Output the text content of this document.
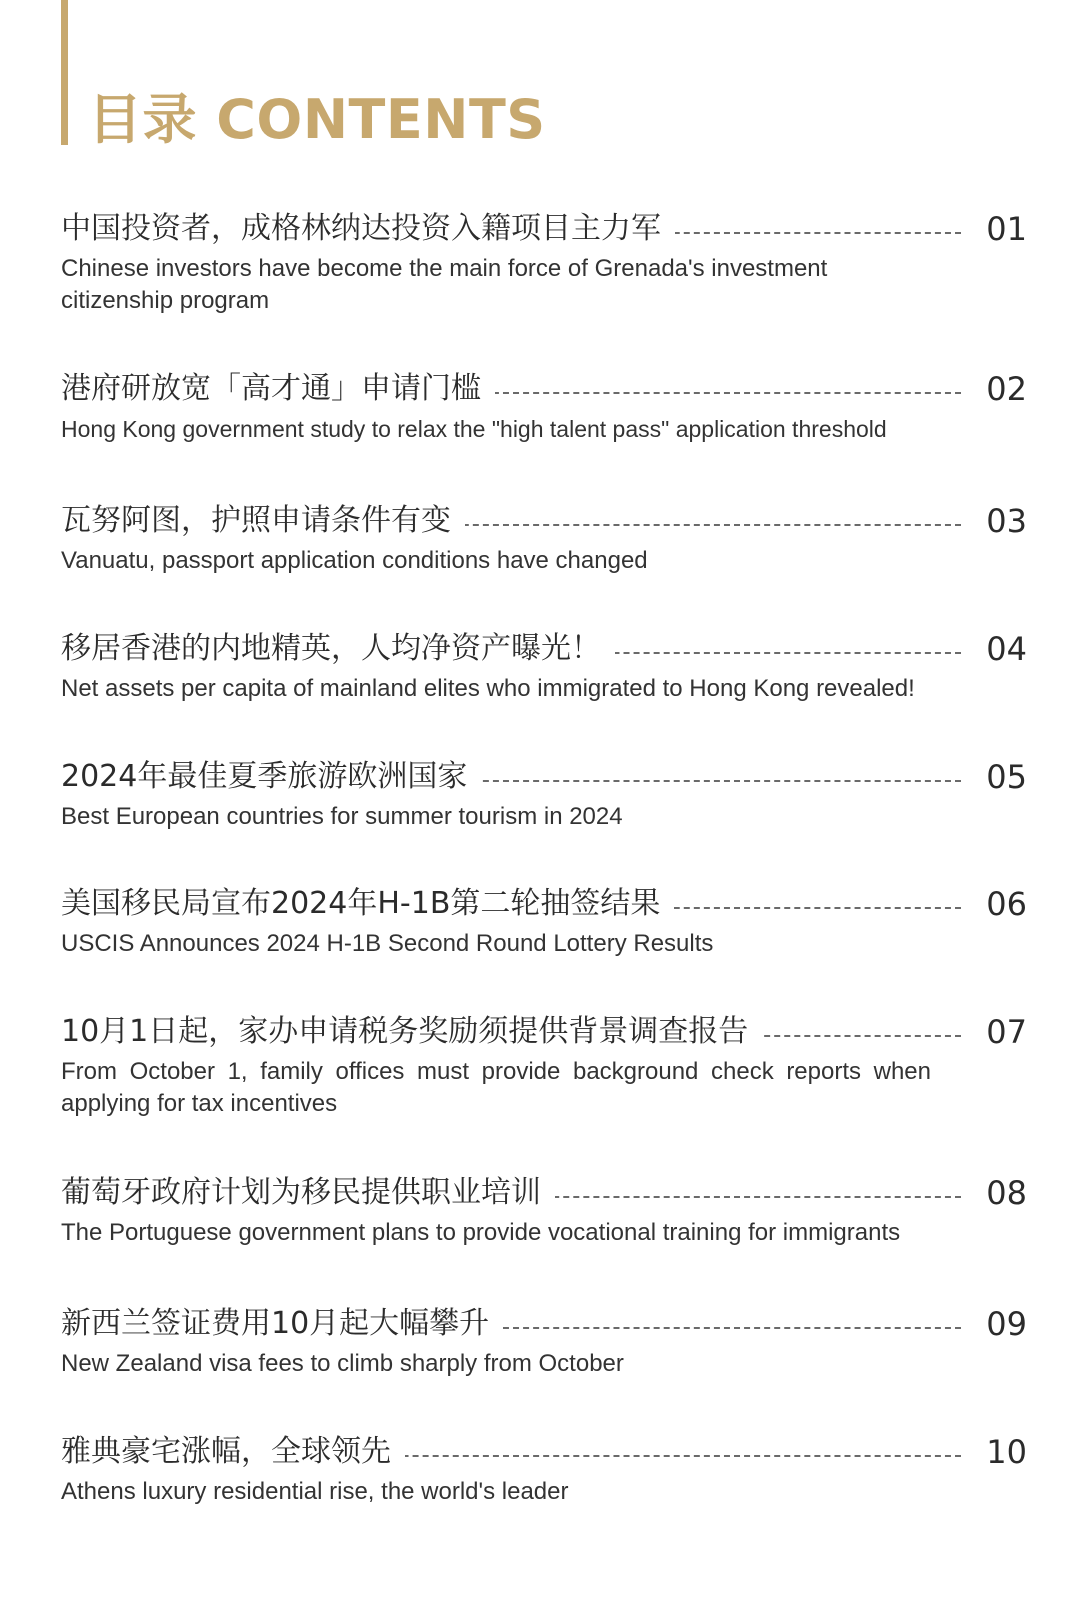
目录 CONTENTS
中国投资者，成格林纳达投资入籍项目主力军	01
Chinese investors have become the main force of Grenada's investment citizenship program
港府研放宽「高才通」申请门槛	02
Hong Kong government study to relax the "high talent pass" application threshold
瓦努阿图，护照申请条件有变	03
Vanuatu, passport application conditions have changed
移居香港的内地精英，人均净资产曝光！	04
Net assets per capita of mainland elites who immigrated to Hong Kong revealed!
2024年最佳夏季旅游欧洲国家	05
Best European countries for summer tourism in 2024
美国移民局宣布2024年H-1B第二轮抽签结果	06
USCIS Announces 2024 H-1B Second Round Lottery Results
10月1日起，家办申请税务奖励须提供背景调查报告	07
From October 1, family offices must provide background check reports when applying for tax incentives
葡萄牙政府计划为移民提供职业培训	08
The Portuguese government plans to provide vocational training for immigrants
新西兰签证费用10月起大幅攀升	09
New Zealand visa fees to climb sharply from October
雅典豪宅涨幅，全球领先	10
Athens luxury residential rise, the world's leader
